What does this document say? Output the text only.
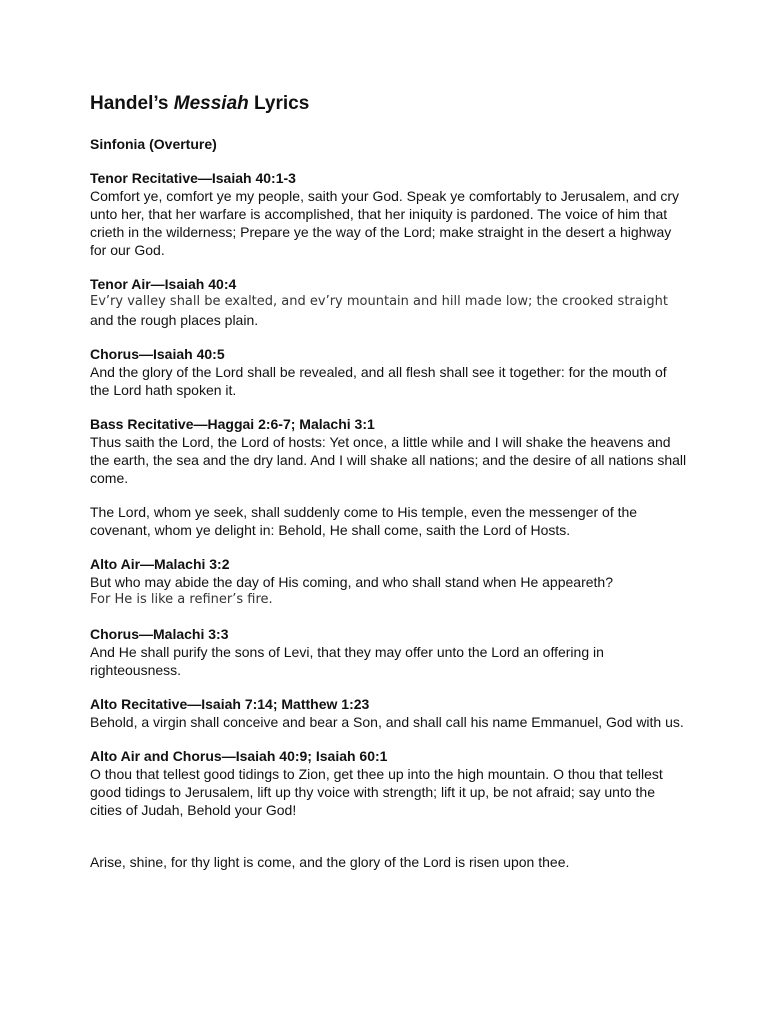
Handel’s Messiah Lyrics

Sinfonia (Overture)

Tenor Recitative—Isaiah 40:1-3

Comfort ye, comfort ye my people, saith your God. Speak ye comfortably to Jerusalem, and cry unto her, that her warfare is accomplished, that her iniquity is pardoned. The voice of him that crieth in the wilderness; Prepare ye the way of the Lord; make straight in the desert a highway for our God.

Tenor Air—Isaiah 40:4

Ev’ry valley shall be exalted, and ev’ry mountain and hill made low; the crooked straight

and the rough places plain.

Chorus—Isaiah 40:5

And the glory of the Lord shall be revealed, and all flesh shall see it together: for the mouth of the Lord hath spoken it.

Bass Recitative—Haggai 2:6-7; Malachi 3:1

Thus saith the Lord, the Lord of hosts: Yet once, a little while and I will shake the heavens and the earth, the sea and the dry land. And I will shake all nations; and the desire of all nations shall come.

The Lord, whom ye seek, shall suddenly come to His temple, even the messenger of the covenant, whom ye delight in: Behold, He shall come, saith the Lord of Hosts.

Alto Air—Malachi 3:2

But who may abide the day of His coming, and who shall stand when He appeareth?

For He is like a refiner’s fire.

Chorus—Malachi 3:3

And He shall purify the sons of Levi, that they may offer unto the Lord an offering in righteousness.

Alto Recitative—Isaiah 7:14; Matthew 1:23

Behold, a virgin shall conceive and bear a Son, and shall call his name Emmanuel, God with us.

Alto Air and Chorus—Isaiah 40:9; Isaiah 60:1

O thou that tellest good tidings to Zion, get thee up into the high mountain. O thou that tellest good tidings to Jerusalem, lift up thy voice with strength; lift it up, be not afraid; say unto the cities of Judah, Behold your God!

Arise, shine, for thy light is come, and the glory of the Lord is risen upon thee.
